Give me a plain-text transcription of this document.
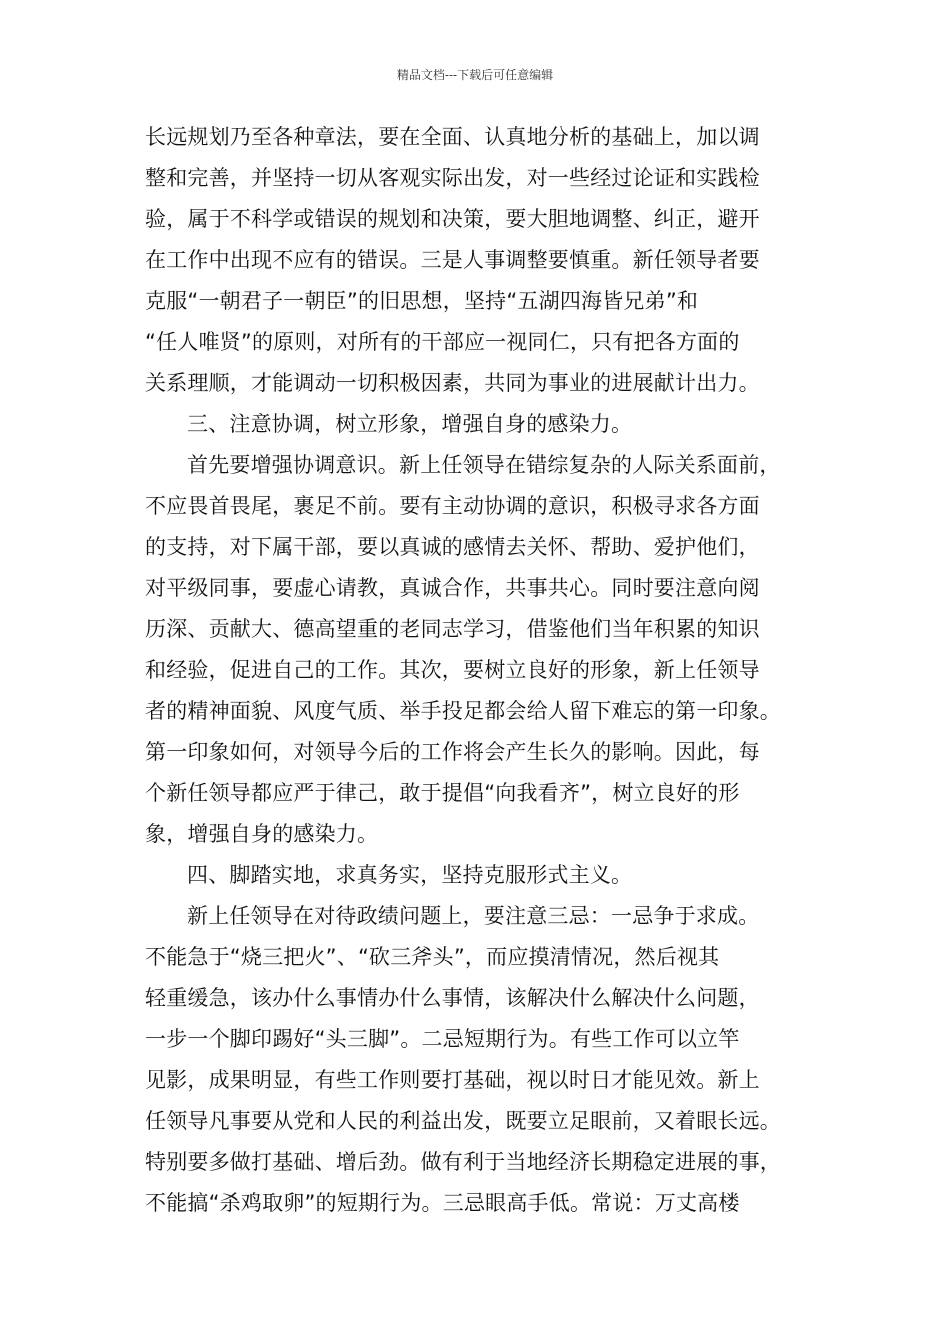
精品文档---下载后可任意编辑
长远规划乃至各种章法，要在全面、认真地分析的基础上，加以调
整和完善，并坚持一切从客观实际出发，对一些经过论证和实践检
验，属于不科学或错误的规划和决策，要大胆地调整、纠正，避开
在工作中出现不应有的错误。三是人事调整要慎重。新任领导者要
克服“一朝君子一朝臣”的旧思想，坚持“五湖四海皆兄弟”和
“任人唯贤”的原则，对所有的干部应一视同仁，只有把各方面的
关系理顺，才能调动一切积极因素，共同为事业的进展献计出力。
三、注意协调，树立形象，增强自身的感染力。
首先要增强协调意识。新上任领导在错综复杂的人际关系面前，
不应畏首畏尾，裹足不前。要有主动协调的意识，积极寻求各方面
的支持，对下属干部，要以真诚的感情去关怀、帮助、爱护他们，
对平级同事，要虚心请教，真诚合作，共事共心。同时要注意向阅
历深、贡献大、德高望重的老同志学习，借鉴他们当年积累的知识
和经验，促进自己的工作。其次，要树立良好的形象，新上任领导
者的精神面貌、风度气质、举手投足都会给人留下难忘的第一印象。
第一印象如何，对领导今后的工作将会产生长久的影响。因此，每
个新任领导都应严于律己，敢于提倡“向我看齐”，树立良好的形
象，增强自身的感染力。
四、脚踏实地，求真务实，坚持克服形式主义。
新上任领导在对待政绩问题上，要注意三忌：一忌争于求成。
不能急于“烧三把火”、“砍三斧头”，而应摸清情况，然后视其
轻重缓急，该办什么事情办什么事情，该解决什么解决什么问题，
一步一个脚印踢好“头三脚”。二忌短期行为。有些工作可以立竿
见影，成果明显，有些工作则要打基础，视以时日才能见效。新上
任领导凡事要从党和人民的利益出发，既要立足眼前，又着眼长远。
特别要多做打基础、增后劲。做有利于当地经济长期稳定进展的事，
不能搞“杀鸡取卵”的短期行为。三忌眼高手低。常说：万丈高楼
